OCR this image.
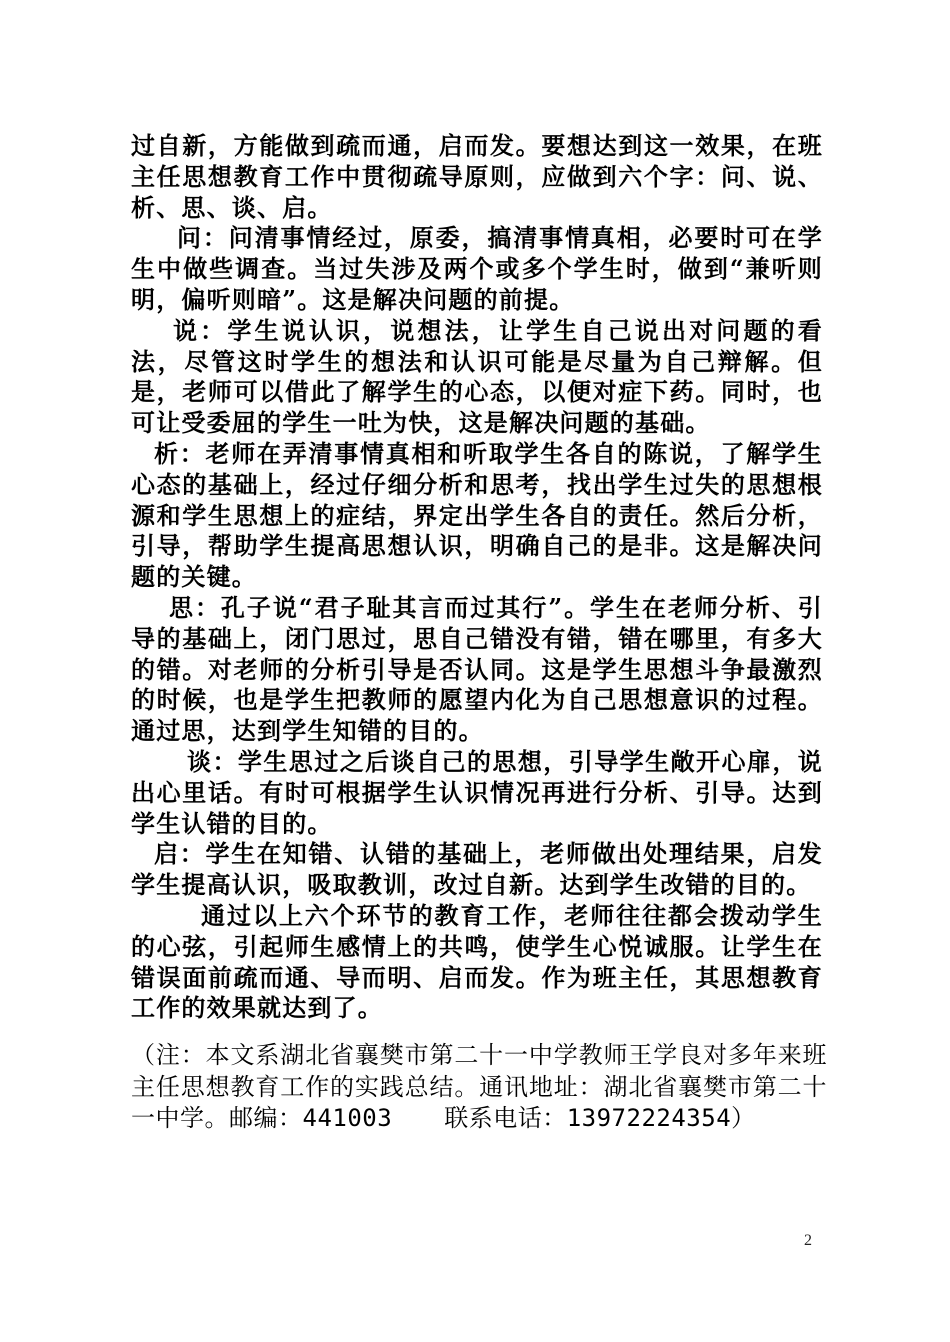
过自新，方能做到疏而通，启而发。要想达到这一效果，在班主任思想教育工作中贯彻疏导原则，应做到六个字：问、说、析、思、谈、启。

问：问清事情经过，原委，搞清事情真相，必要时可在学生中做些调查。当过失涉及两个或多个学生时，做到“兼听则明，偏听则暗”。这是解决问题的前提。

说：学生说认识，说想法，让学生自己说出对问题的看法，尽管这时学生的想法和认识可能是尽量为自己辩解。但是，老师可以借此了解学生的心态，以便对症下药。同时，也可让受委屈的学生一吐为快，这是解决问题的基础。

析：老师在弄清事情真相和听取学生各自的陈说，了解学生心态的基础上，经过仔细分析和思考，找出学生过失的思想根源和学生思想上的症结，界定出学生各自的责任。然后分析，引导，帮助学生提高思想认识，明确自己的是非。这是解决问题的关键。

思：孔子说“君子耻其言而过其行”。学生在老师分析、引导的基础上，闭门思过，思自己错没有错，错在哪里，有多大的错。对老师的分析引导是否认同。这是学生思想斗争最激烈的时候，也是学生把教师的愿望内化为自己思想意识的过程。通过思，达到学生知错的目的。

谈：学生思过之后谈自己的思想，引导学生敞开心扉，说出心里话。有时可根据学生认识情况再进行分析、引导。达到学生认错的目的。

启：学生在知错、认错的基础上，老师做出处理结果，启发学生提高认识，吸取教训，改过自新。达到学生改错的目的。

通过以上六个环节的教育工作，老师往往都会拨动学生的心弦，引起师生感情上的共鸣，使学生心悦诚服。让学生在错误面前疏而通、导而明、启而发。作为班主任，其思想教育工作的效果就达到了。

（注：本文系湖北省襄樊市第二十一中学教师王学良对多年来班主任思想教育工作的实践总结。通讯地址：湖北省襄樊市第二十一中学。邮编：441003 联系电话：13972224354）
2
